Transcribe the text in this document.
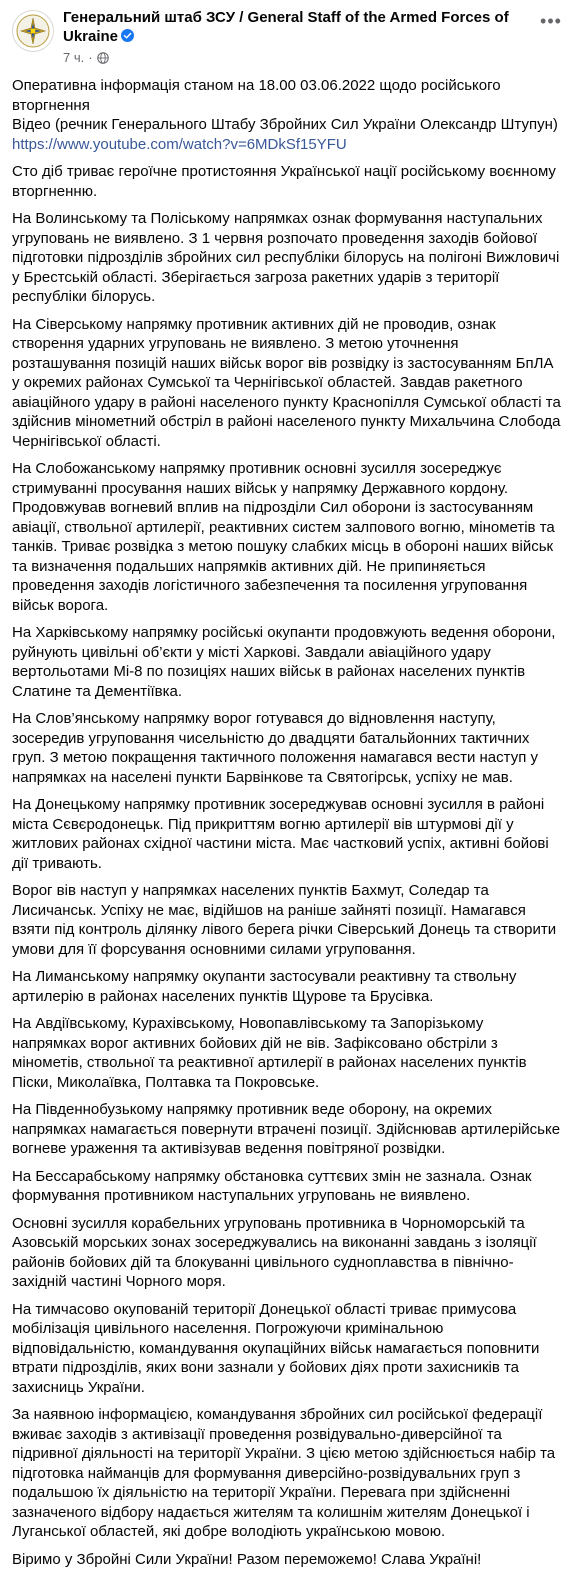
Генеральний штаб ЗСУ / General Staff of the Armed Forces of Ukraine
7 ч. ·
•••

Оперативна інформація станом на 18.00 03.06.2022 щодо російського вторгнення
Відео (речник Генерального Штабу Збройних Сил України Олександр Штупун)
https://www.youtube.com/watch?v=6MDkSf15YFU

Сто діб триває героїчне протистояння Української нації російському воєнному вторгненню.

На Волинському та Поліському напрямках ознак формування наступальних угруповань не виявлено. З 1 червня розпочато проведення заходів бойової підготовки підрозділів збройних сил республіки білорусь на полігоні Вижловичі у Брестській області. Зберігається загроза ракетних ударів з території республіки білорусь.

На Сіверському напрямку противник активних дій не проводив, ознак створення ударних угруповань не виявлено. З метою уточнення розташування позицій наших військ ворог вів розвідку із застосуванням БпЛА у окремих районах Сумської та Чернігівської областей. Завдав ракетного авіаційного удару в районі населеного пункту Краснопілля Сумської області та здійснив мінометний обстріл в районі населеного пункту Михальчина Слобода Чернігівської області.

На Слобожанському напрямку противник основні зусилля зосереджує стримуванні просування наших військ у напрямку Державного кордону. Продовжував вогневий вплив на підрозділи Сил оборони із застосуванням авіації, ствольної артилерії, реактивних систем залпового вогню, мінометів та танків. Триває розвідка з метою пошуку слабких місць в обороні наших військ та визначення подальших напрямків активних дій. Не припиняється проведення заходів логістичного забезпечення та посилення угруповання військ ворога.

На Харківському напрямку російські окупанти продовжують ведення оборони, руйнують цивільні об’єкти у місті Харкові. Завдали авіаційного удару вертольотами Мі-8 по позиціях наших військ в районах населених пунктів Слатине та Дементіївка.

На Слов’янському напрямку ворог готувався до відновлення наступу, зосередив угруповання чисельністю до двадцяти батальйонних тактичних груп. З метою покращення тактичного положення намагався вести наступ у напрямках на населені пункти Барвінкове та Святогірськ, успіху не мав.

На Донецькому напрямку противник зосереджував основні зусилля в районі міста Сєвєродонецьк. Під прикриттям вогню артилерії вів штурмові дії у житлових районах східної частини міста. Має частковий успіх, активні бойові дії тривають.

Ворог вів наступ у напрямках населених пунктів Бахмут, Соледар та Лисичанськ. Успіху не має, відійшов на раніше зайняті позиції. Намагався взяти під контроль ділянку лівого берега річки Сіверський Донець та створити умови для її форсування основними силами угруповання.

На Лиманському напрямку окупанти застосували реактивну та ствольну артилерію в районах населених пунктів Щурове та Брусівка.

На Авдіївському, Курахівському, Новопавлівському та Запорізькому напрямках ворог активних бойових дій не вів. Зафіксовано обстріли з мінометів, ствольної та реактивної артилерії в районах населених пунктів Піски, Миколаївка, Полтавка та Покровське.

На Південнобузькому напрямку противник веде оборону, на окремих напрямках намагається повернути втрачені позиції. Здійснював артилерійське вогневе ураження та активізував ведення повітряної розвідки.

На Бессарабському напрямку обстановка суттєвих змін не зазнала. Ознак формування противником наступальних угруповань не виявлено.

Основні зусилля корабельних угруповань противника в Чорноморській та Азовській морських зонах зосереджувались на виконанні завдань з ізоляції районів бойових дій та блокуванні цивільного судноплавства в північно-західній частині Чорного моря.

На тимчасово окупованій території Донецької області триває примусова мобілізація цивільного населення. Погрожуючи кримінальною відповідальністю, командування окупаційних військ намагається поповнити втрати підрозділів, яких вони зазнали у бойових діях проти захисників та захисниць України.

За наявною інформацією, командування збройних сил російської федерації вживає заходів з активізації проведення розвідувально-диверсійної та підривної діяльності на території України. З цією метою здійснюється набір та підготовка найманців для формування диверсійно-розвідувальних груп з подальшою їх діяльністю на території України. Перевага при здійсненні зазначеного відбору надається жителям та колишнім жителям Донецької і Луганської областей, які добре володіють українською мовою.

Віримо у Збройні Сили України! Разом переможемо! Слава Україні!
